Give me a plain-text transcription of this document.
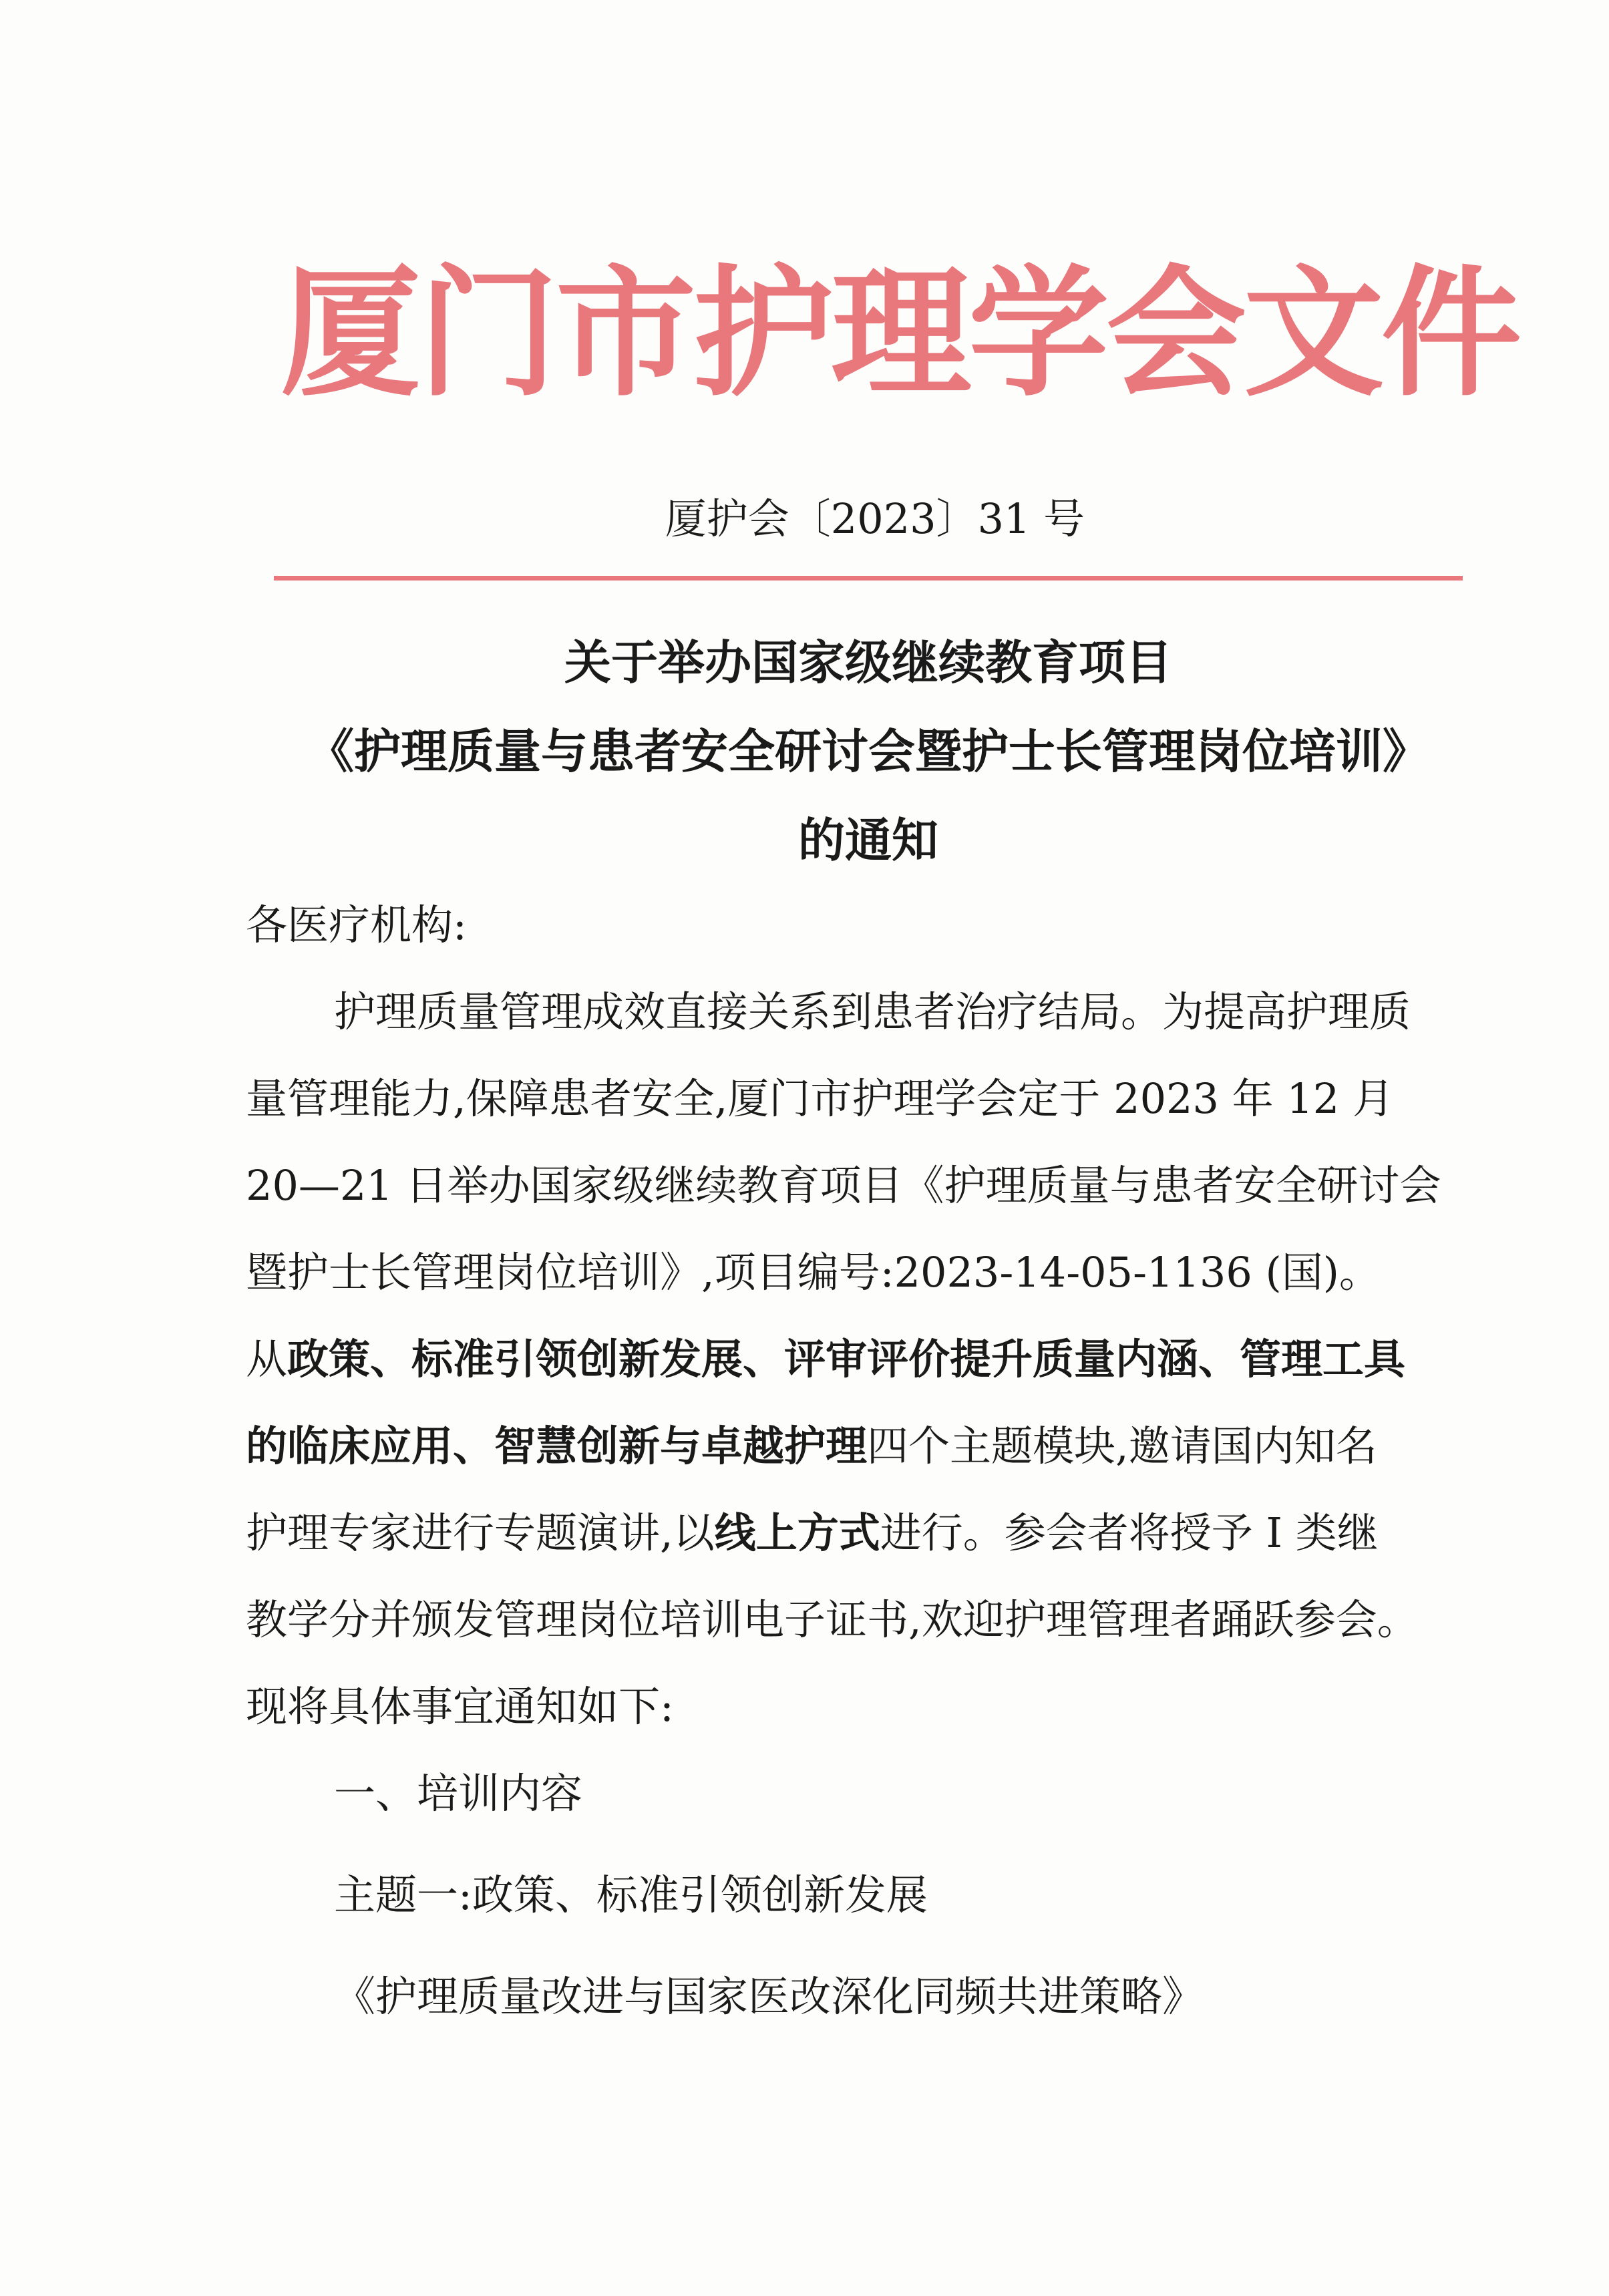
厦门市护理学会文件
厦护会〔2023〕31 号
关于举办国家级继续教育项目
《护理质量与患者安全研讨会暨护士长管理岗位培训》
的通知
各医疗机构:
护理质量管理成效直接关系到患者治疗结局。为提高护理质
量管理能力,保障患者安全,厦门市护理学会定于 2023 年 12 月
20—21 日举办国家级继续教育项目《护理质量与患者安全研讨会
暨护士长管理岗位培训》,项目编号:2023-14-05-1136 (国)。
从政策、标准引领创新发展、评审评价提升质量内涵、管理工具
的临床应用、智慧创新与卓越护理四个主题模块,邀请国内知名
护理专家进行专题演讲,以线上方式进行。参会者将授予 I 类继
教学分并颁发管理岗位培训电子证书,欢迎护理管理者踊跃参会。
现将具体事宜通知如下:
一、培训内容
主题一:政策、标准引领创新发展
《护理质量改进与国家医改深化同频共进策略》
